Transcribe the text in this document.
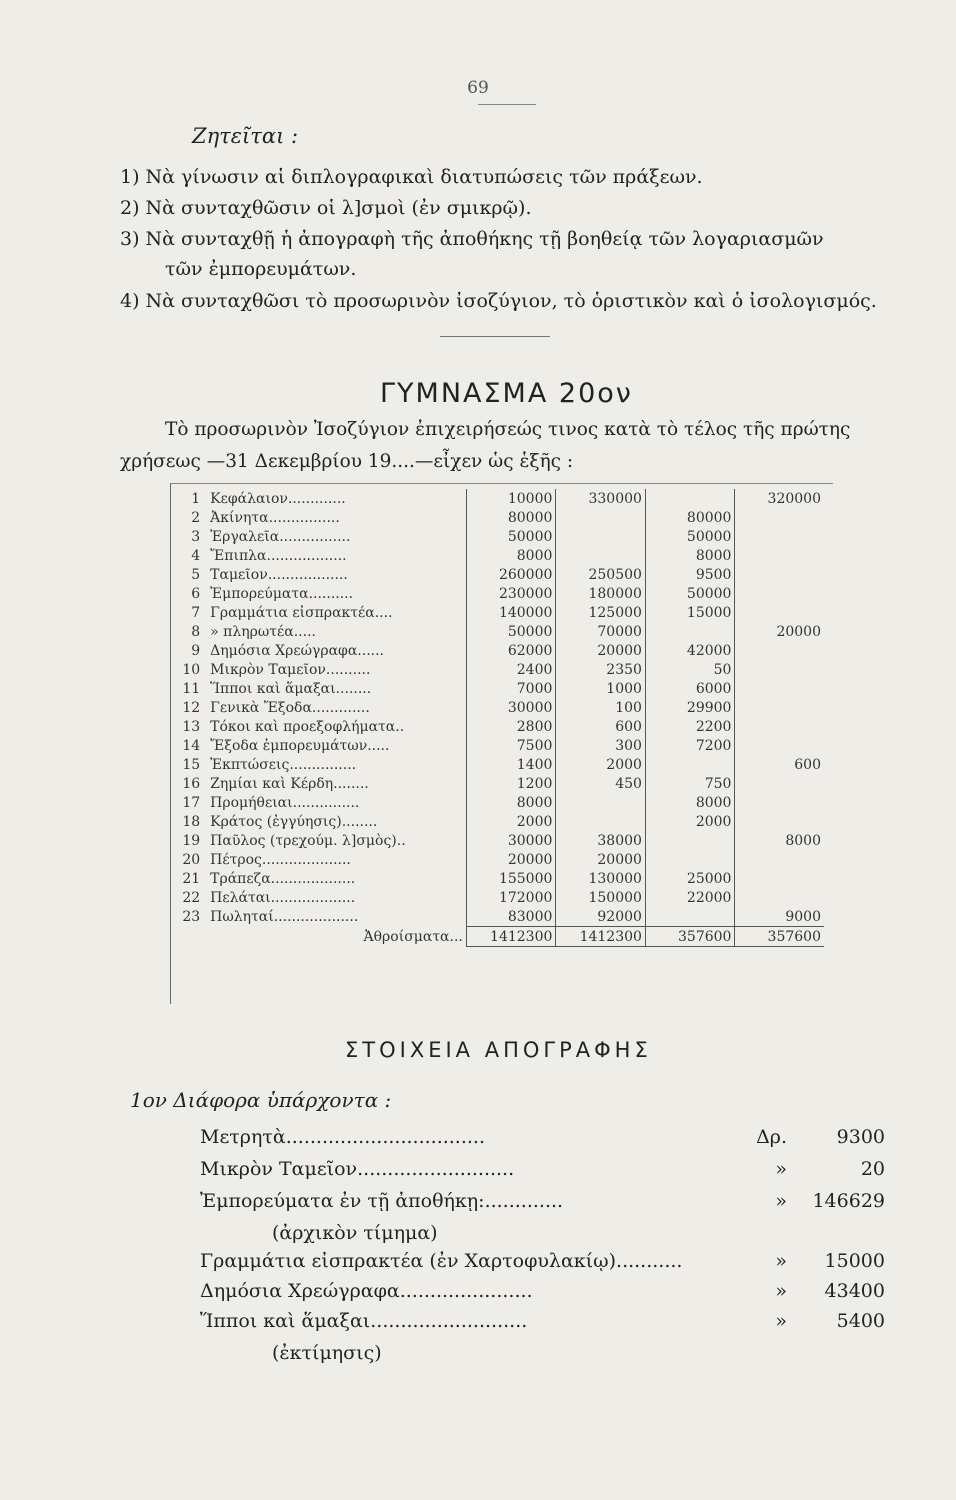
69
Ζητεῖται :
1) Νὰ γίνωσιν αἱ διπλογραφικαὶ διατυπώσεις τῶν πράξεων.
2) Νὰ συνταχθῶσιν οἱ λ]σμοὶ (ἐν σμικρῷ).
3) Νὰ συνταχθῇ ἡ ἀπογραφὴ τῆς ἀποθήκης τῇ βοηθείᾳ τῶν λογαριασμῶν
τῶν ἐμπορευμάτων.
4) Νὰ συνταχθῶσι τὸ προσωρινὸν ἰσοζύγιον, τὸ ὁριστικὸν καὶ ὁ ἰσολογισμός.
ΓΥΜΝΑΣΜΑ 20ον
Τὸ προσωρινὸν Ἰσοζύγιον ἐπιχειρήσεώς τινος κατὰ τὸ τέλος τῆς πρώτης
χρήσεως —31 Δεκεμβρίου 19....—εἶχεν ὡς ἑξῆς :
1	Κεφάλαιον.............	10000	330000		320000
2	Ἀκίνητα................	80000		80000	
3	Ἐργαλεῖα................	50000		50000	
4	Ἔπιπλα..................	8000		8000	
5	Ταμεῖον..................	260000	250500	9500	
6	Ἐμπορεύματα..........	230000	180000	50000	
7	Γραμμάτια εἰσπρακτέα....	140000	125000	15000	
8	» πληρωτέα.....	50000	70000		20000
9	Δημόσια Χρεώγραφα......	62000	20000	42000	
10	Μικρὸν Ταμεῖον..........	2400	2350	50	
11	Ἵπποι καὶ ἅμαξαι........	7000	1000	6000	
12	Γενικὰ Ἔξοδα.............	30000	100	29900	
13	Τόκοι καὶ προεξοφλήματα..	2800	600	2200	
14	Ἔξοδα ἐμπορευμάτων.....	7500	300	7200	
15	Ἐκπτώσεις...............	1400	2000		600
16	Ζημίαι καὶ Κέρδη........	1200	450	750	
17	Προμήθειαι...............	8000		8000	
18	Κράτος (ἐγγύησις)........	2000		2000	
19	Παῦλος (τρεχούμ. λ]σμὸς)..	30000	38000		8000
20	Πέτρος....................	20000	20000		
21	Τράπεζα...................	155000	130000	25000	
22	Πελάται...................	172000	150000	22000	
23	Πωληταί...................	83000	92000		9000
	Ἀθροίσματα...	1412300	1412300	357600	357600
ΣΤΟΙΧΕΙΑ ΑΠΟΓΡΑΦΗΣ
1ον Διάφορα ὑπάρχοντα :
Μετρητὰ.................................	Δρ.	9300
Μικρὸν Ταμεῖον..........................	»	20
Ἐμπορεύματα ἐν τῇ ἀποθήκῃ:.............	» 146629
(ἀρχικὸν τίμημα)
Γραμμάτια εἰσπρακτέα (ἐν Χαρτοφυλακίῳ)...........	» 15000
Δημόσια Χρεώγραφα......................	» 43400
Ἵπποι καὶ ἅμαξαι..........................	»	5400
(ἐκτίμησις)
